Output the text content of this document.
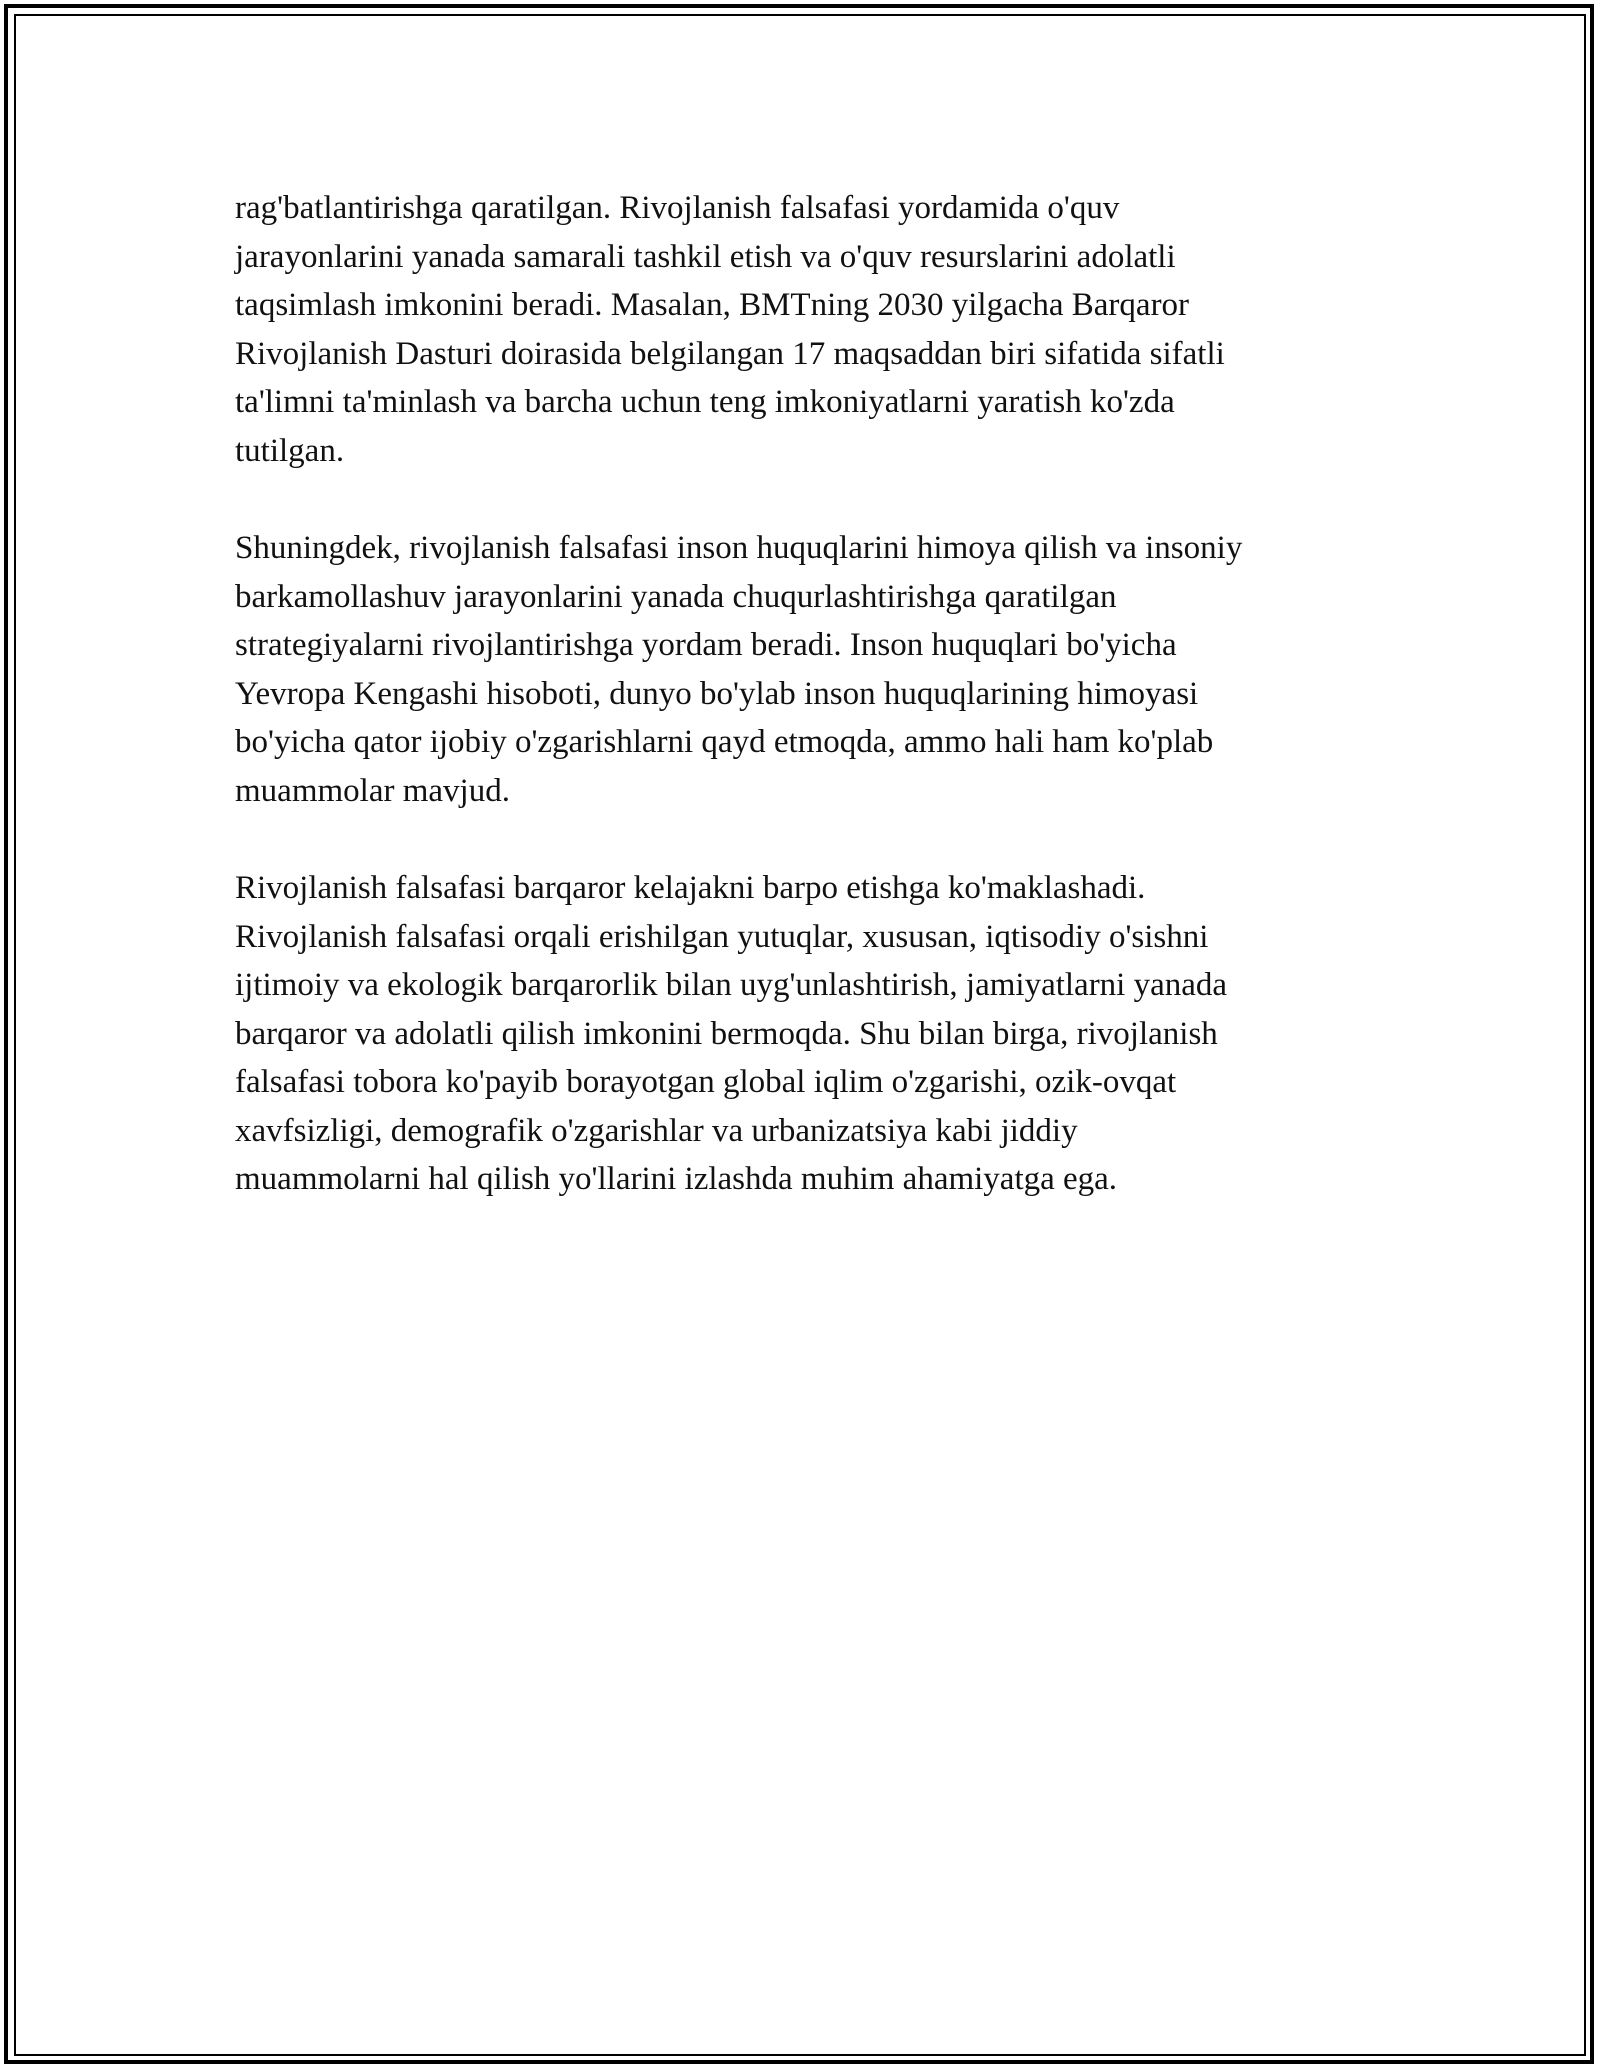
rag'batlantirishga qaratilgan. Rivojlanish falsafasi yordamida o'quv
jarayonlarini yanada samarali tashkil etish va o'quv resurslarini adolatli
taqsimlash imkonini beradi. Masalan, BMTning 2030 yilgacha Barqaror
Rivojlanish Dasturi doirasida belgilangan 17 maqsaddan biri sifatida sifatli
ta'limni ta'minlash va barcha uchun teng imkoniyatlarni yaratish ko'zda
tutilgan.

Shuningdek, rivojlanish falsafasi inson huquqlarini himoya qilish va insoniy
barkamollashuv jarayonlarini yanada chuqurlashtirishga qaratilgan
strategiyalarni rivojlantirishga yordam beradi. Inson huquqlari bo'yicha
Yevropa Kengashi hisoboti, dunyo bo'ylab inson huquqlarining himoyasi
bo'yicha qator ijobiy o'zgarishlarni qayd etmoqda, ammo hali ham ko'plab
muammolar mavjud.

Rivojlanish falsafasi barqaror kelajakni barpo etishga ko'maklashadi.
Rivojlanish falsafasi orqali erishilgan yutuqlar, xususan, iqtisodiy o'sishni
ijtimoiy va ekologik barqarorlik bilan uyg'unlashtirish, jamiyatlarni yanada
barqaror va adolatli qilish imkonini bermoqda. Shu bilan birga, rivojlanish
falsafasi tobora ko'payib borayotgan global iqlim o'zgarishi, ozik-ovqat
xavfsizligi, demografik o'zgarishlar va urbanizatsiya kabi jiddiy
muammolarni hal qilish yo'llarini izlashda muhim ahamiyatga ega.
